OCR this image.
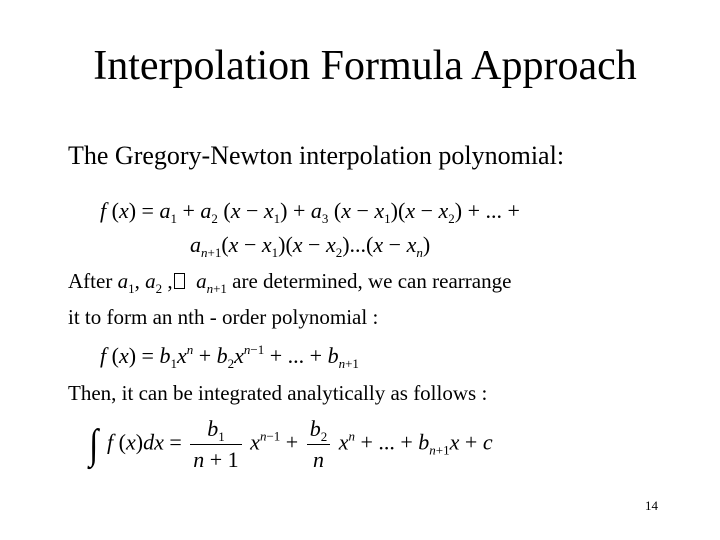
Interpolation Formula Approach
The Gregory-Newton interpolation polynomial:
f $(x) = a_1 + a_2$ $(x - x_1) + a_3$ $(x - x_1)(x - x_2)$ + ... +
$a_{n+1}(x - x_1)(x - x_2)...(x - x_n)$
After $a_1$, $a_2$ , $a_{n+1}$ are determined, we can rearrange
it to form an nth - order polynomial :
f $(x) = b_1x^n + b_2x^{n-1}$ + ... + $b_{n+1}$
Then, it can be integrated analytically as follows :
∫ f $(x)dx = \frac{b_1}{n + 1} x^{n-1} + \frac{b_2}{n} x^n$ + ... + $b_{n+1}x + c$
14
